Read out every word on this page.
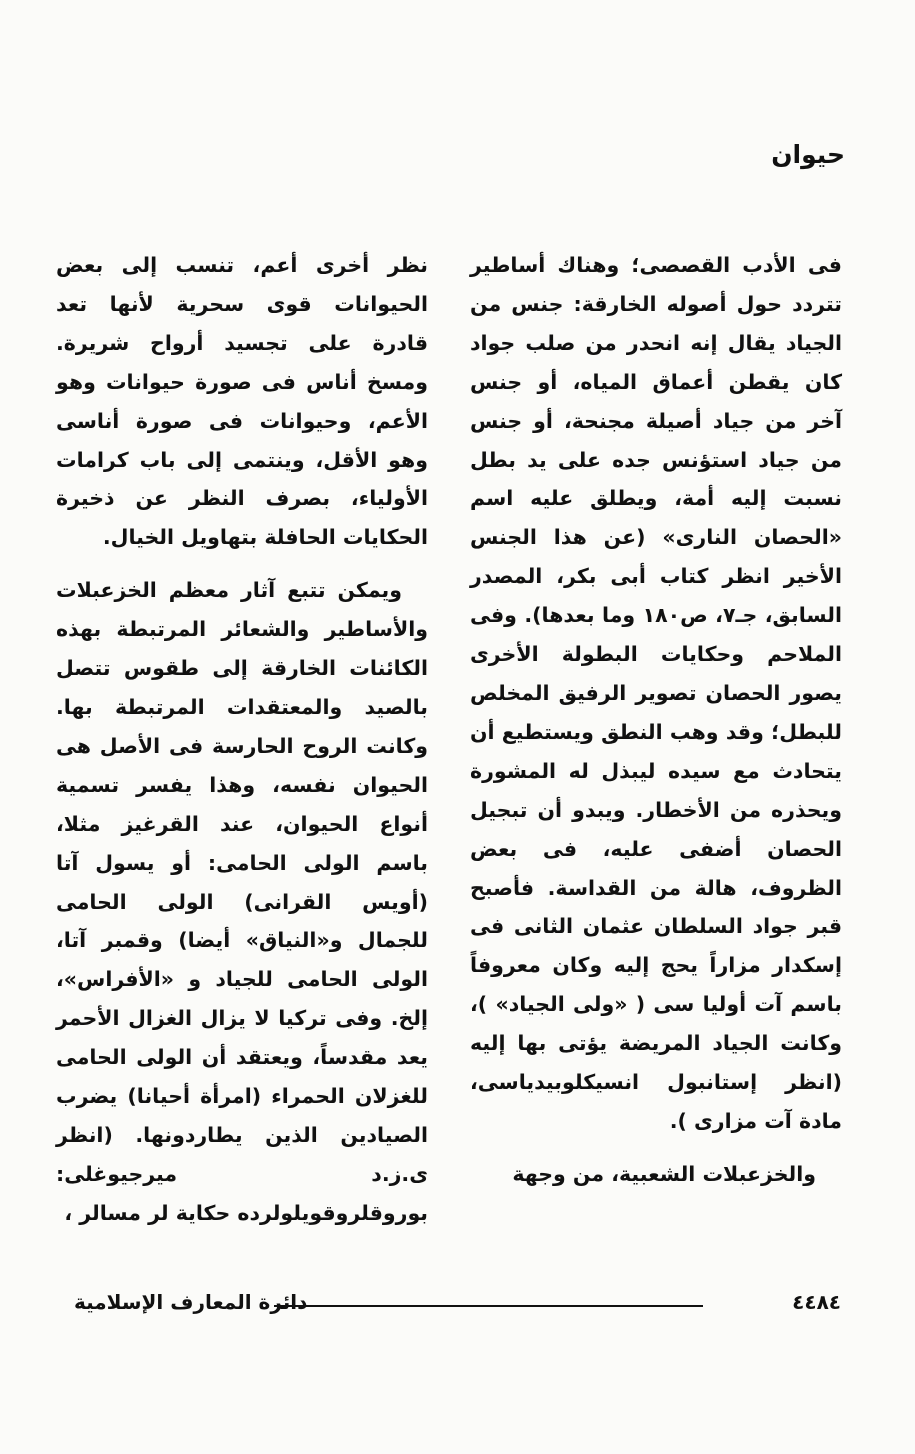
حيوان

فى الأدب القصصى؛ وهناك أساطير تتردد حول أصوله الخارقة: جنس من الجياد يقال إنه انحدر من صلب جواد كان يقطن أعماق المياه، أو جنس آخر من جياد أصيلة مجنحة، أو جنس من جياد استؤنس جده على يد بطل نسبت إليه أمة، ويطلق عليه اسم «الحصان النارى» (عن هذا الجنس الأخير انظر كتاب أبى بكر، المصدر السابق، جـ٧، ص١٨٠ وما بعدها). وفى الملاحم وحكايات البطولة الأخرى يصور الحصان تصوير الرفيق المخلص للبطل؛ وقد وهب النطق ويستطيع أن يتحادث مع سيده ليبذل له المشورة ويحذره من الأخطار. ويبدو أن تبجيل الحصان أضفى عليه، فى بعض الظروف، هالة من القداسة. فأصبح قبر جواد السلطان عثمان الثانى فى إسكدار مزاراً يحج إليه وكان معروفاً باسم آت أوليا سى ( «ولى الجياد» )، وكانت الجياد المريضة يؤتى بها إليه (انظر إستانبول انسيكلوبيدياسى، مادة آت مزارى ).

والخزعبلات الشعبية، من وجهة

نظر أخرى أعم، تنسب إلى بعض الحيوانات قوى سحرية لأنها تعد قادرة على تجسيد أرواح شريرة. ومسخ أناس فى صورة حيوانات وهو الأعم، وحيوانات فى صورة أناسى وهو الأقل، وينتمى إلى باب كرامات الأولياء، بصرف النظر عن ذخيرة الحكايات الحافلة بتهاويل الخيال.

ويمكن تتبع آثار معظم الخزعبلات والأساطير والشعائر المرتبطة بهذه الكائنات الخارقة إلى طقوس تتصل بالصيد والمعتقدات المرتبطة بها. وكانت الروح الحارسة فى الأصل هى الحيوان نفسه، وهذا يفسر تسمية أنواع الحيوان، عند القرغيز مثلا، باسم الولى الحامى: أو يسول آتا (أويس القرانى) الولى الحامى للجمال و«النياق» أيضا) وقمبر آتا، الولى الحامى للجياد و «الأفراس»، إلخ. وفى تركيا لا يزال الغزال الأحمر يعد مقدساً، ويعتقد أن الولى الحامى للغزلان الحمراء (امرأة أحيانا) يضرب الصيادين الذين يطاردونها. (انظر ى.ز.د ميرجيوغلى: بوروقلروقويلولرده حكاية لر مسالر ،

٤٤٨٤
دائرة المعارف الإسلامية
